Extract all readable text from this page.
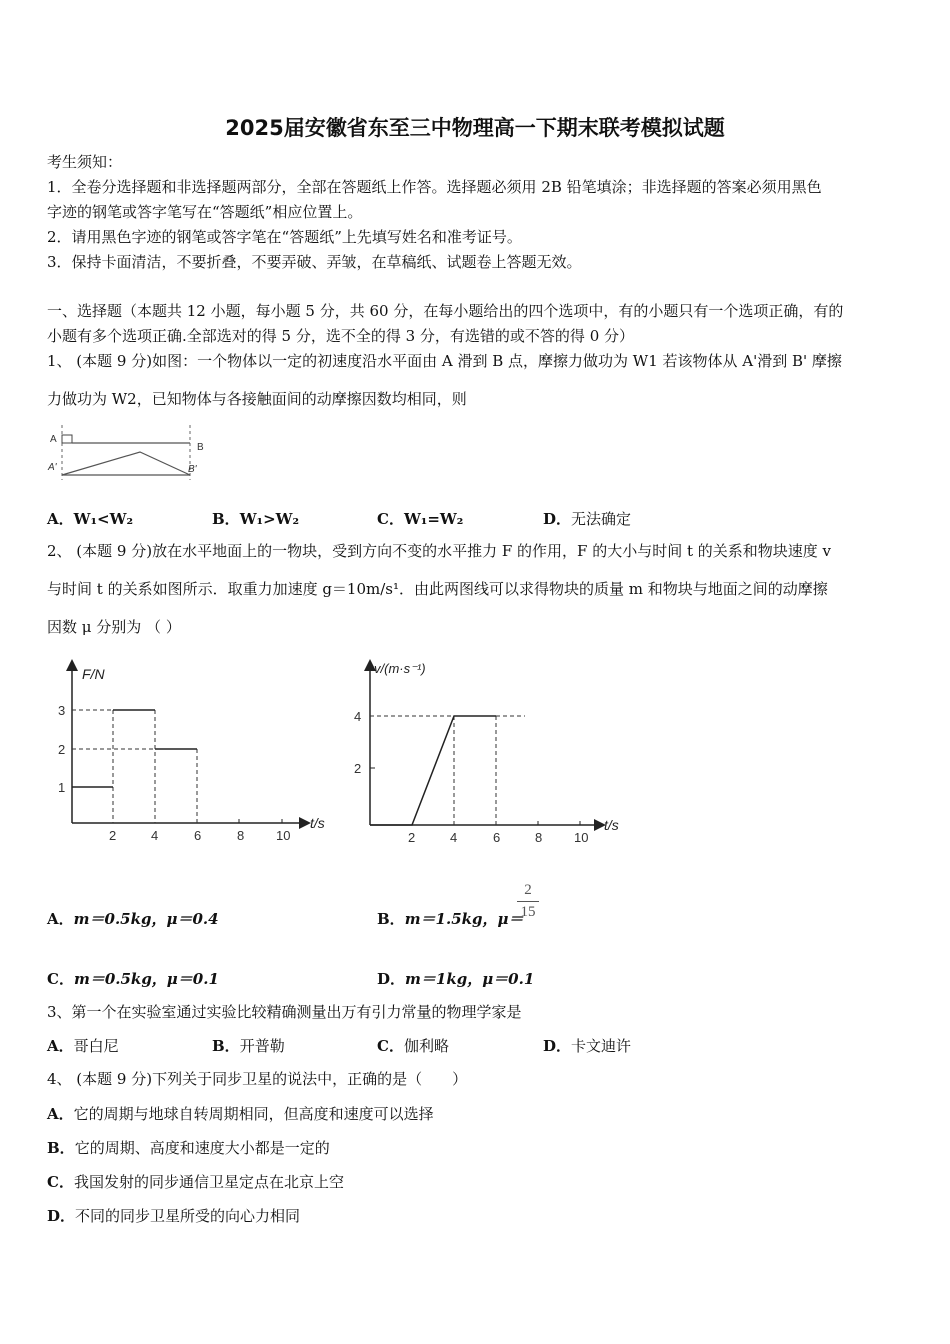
2025届安徽省东至三中物理高一下期末联考模拟试题
考生须知：
1．全卷分选择题和非选择题两部分，全部在答题纸上作答。选择题必须用 2B 铅笔填涂；非选择题的答案必须用黑色
字迹的钢笔或答字笔写在“答题纸”相应位置上。
2．请用黑色字迹的钢笔或答字笔在“答题纸”上先填写姓名和准考证号。
3．保持卡面清洁，不要折叠，不要弄破、弄皱，在草稿纸、试题卷上答题无效。
一、选择题（本题共 12 小题，每小题 5 分，共 60 分，在每小题给出的四个选项中，有的小题只有一个选项正确，有的
小题有多个选项正确.全部选对的得 5 分，选不全的得 3 分，有选错的或不答的得 0 分）
1、 (本题 9 分)如图：一个物体以一定的初速度沿水平面由 A 滑到 B 点，摩擦力做功为 W1 若该物体从 A'滑到 B' 摩擦
力做功为 W2，已知物体与各接触面间的动摩擦因数均相同，则
A
B
A'	B'
A．W₁<W₂	B．W₁>W₂	C．W₁=W₂	D．无法确定
2、 (本题 9 分)放在水平地面上的一物块，受到方向不变的水平推力 F 的作用，F 的大小与时间 t 的关系和物块速度 v
与时间 t 的关系如图所示．取重力加速度 g＝10m/s¹．由此两图线可以求得物块的质量 m 和物块与地面之间的动摩擦
因数 μ 分别为 （ ）
F/N
t/s
3
2
1
2	4	6	8 10
v/(m·s⁻¹)
t/s
4
2
2	4	6	8 10
A．m＝0.5kg，μ＝0.4	B．m＝1.5kg，μ＝
2
15
C．m＝0.5kg，μ＝0.1	D．m＝1kg，μ＝0.1
3、第一个在实验室通过实验比较精确测量出万有引力常量的物理学家是
A．哥白尼	B．开普勒	C．伽利略	D．卡文迪许
4、 (本题 9 分)下列关于同步卫星的说法中，正确的是（　　）
A．它的周期与地球自转周期相同，但高度和速度可以选择
B．它的周期、高度和速度大小都是一定的
C．我国发射的同步通信卫星定点在北京上空
D．不同的同步卫星所受的向心力相同
